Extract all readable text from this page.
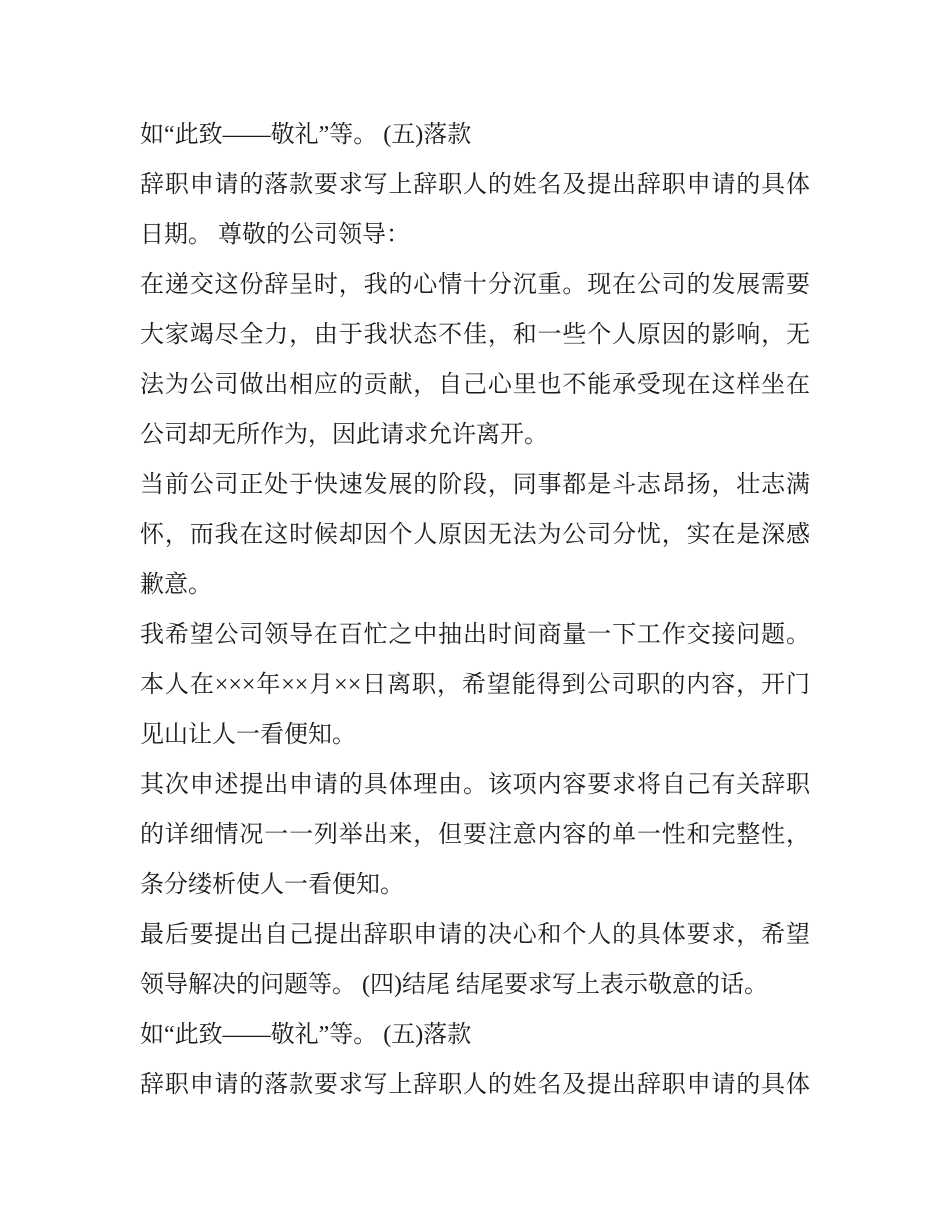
如“此致——敬礼”等。 (五)落款
辞职申请的落款要求写上辞职人的姓名及提出辞职申请的具体
日期。 尊敬的公司领导：
在递交这份辞呈时，我的心情十分沉重。现在公司的发展需要
大家竭尽全力，由于我状态不佳，和一些个人原因的影响，无
法为公司做出相应的贡献，自己心里也不能承受现在这样坐在
公司却无所作为，因此请求允许离开。
当前公司正处于快速发展的阶段，同事都是斗志昂扬，壮志满
怀，而我在这时候却因个人原因无法为公司分忧，实在是深感
歉意。
我希望公司领导在百忙之中抽出时间商量一下工作交接问题。
本人在×××年××月××日离职，希望能得到公司职的内容，开门
见山让人一看便知。
其次申述提出申请的具体理由。该项内容要求将自己有关辞职
的详细情况一一列举出来，但要注意内容的单一性和完整性，
条分缕析使人一看便知。
最后要提出自己提出辞职申请的决心和个人的具体要求，希望
领导解决的问题等。 (四)结尾 结尾要求写上表示敬意的话。
如“此致——敬礼”等。 (五)落款
辞职申请的落款要求写上辞职人的姓名及提出辞职申请的具体
